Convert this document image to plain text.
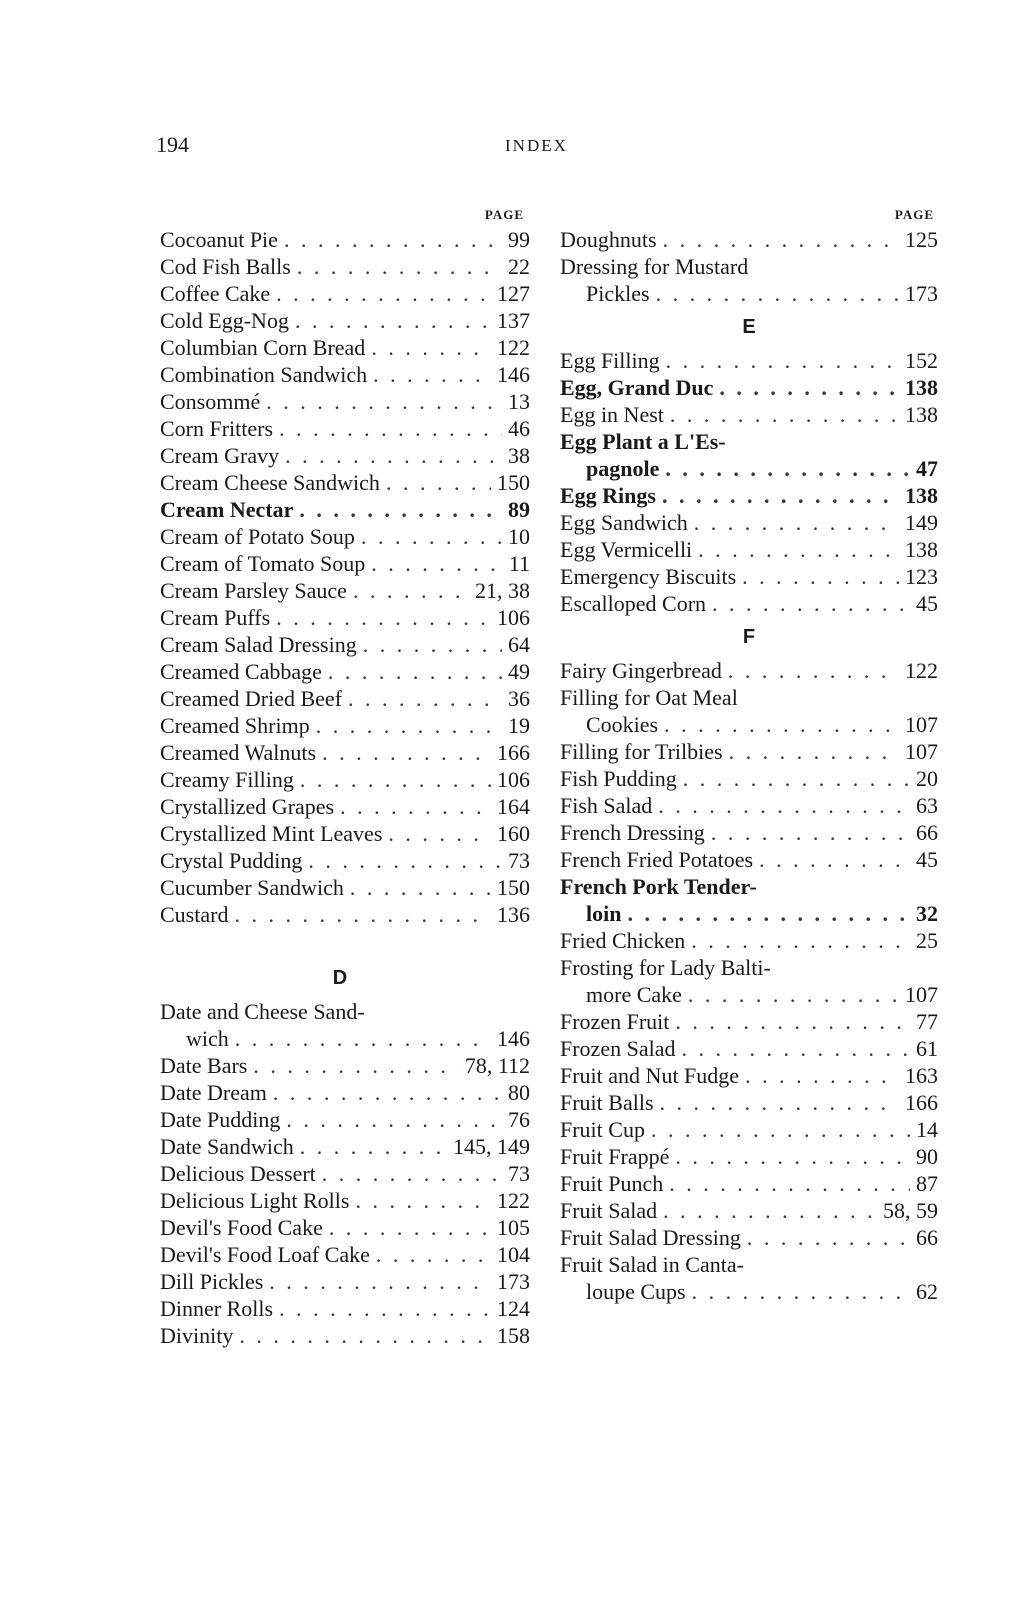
194	INDEX
PAGE
Cocoanut Pie . . .	99
Cod Fish Balls . . .	22
Coffee Cake . . .	127
Cold Egg-Nog . . .	137
Columbian Corn Bread . . .	122
Combination Sandwich . . .	146
Consommé . . .	13
Corn Fritters . . .	46
Cream Gravy . . .	38
Cream Cheese Sandwich . . .	150
Cream Nectar . . .	89
Cream of Potato Soup . . .	10
Cream of Tomato Soup . . .	11
Cream Parsley Sauce . . .	21, 38
Cream Puffs . . .	106
Cream Salad Dressing . . .	64
Creamed Cabbage . . .	49
Creamed Dried Beef . . .	36
Creamed Shrimp . . .	19
Creamed Walnuts . . .	166
Creamy Filling . . .	106
Crystallized Grapes . . .	164
Crystallized Mint Leaves . . .	160
Crystal Pudding . . .	73
Cucumber Sandwich . . .	150
Custard . . .	136
D
Date and Cheese Sand-
wich . . .	146
Date Bars . . .	78, 112
Date Dream . . .	80
Date Pudding . . .	76
Date Sandwich . . .	145, 149
Delicious Dessert . . .	73
Delicious Light Rolls . . .	122
Devil's Food Cake . . .	105
Devil's Food Loaf Cake . . .	104
Dill Pickles . . .	173
Dinner Rolls . . .	124
Divinity . . .	158
PAGE
Doughnuts . . .	125
Dressing for Mustard
Pickles . . .	173
E
Egg Filling . . .	152
Egg, Grand Duc . . .	138
Egg in Nest . . .	138
Egg Plant a L'Es-
pagnole . . .	47
Egg Rings . . .	138
Egg Sandwich . . .	149
Egg Vermicelli . . .	138
Emergency Biscuits . . .	123
Escalloped Corn . . .	45
F
Fairy Gingerbread . . .	122
Filling for Oat Meal
Cookies . . .	107
Filling for Trilbies . . .	107
Fish Pudding . . .	20
Fish Salad . . .	63
French Dressing . . .	66
French Fried Potatoes . . .	45
French Pork Tender-
loin . . .	32
Fried Chicken . . .	25
Frosting for Lady Balti-
more Cake . . .	107
Frozen Fruit . . .	77
Frozen Salad . . .	61
Fruit and Nut Fudge . . .	163
Fruit Balls . . .	166
Fruit Cup . . .	14
Fruit Frappé . . .	90
Fruit Punch . . .	87
Fruit Salad . . .	58, 59
Fruit Salad Dressing . . .	66
Fruit Salad in Canta-
loupe Cups . . .	62
